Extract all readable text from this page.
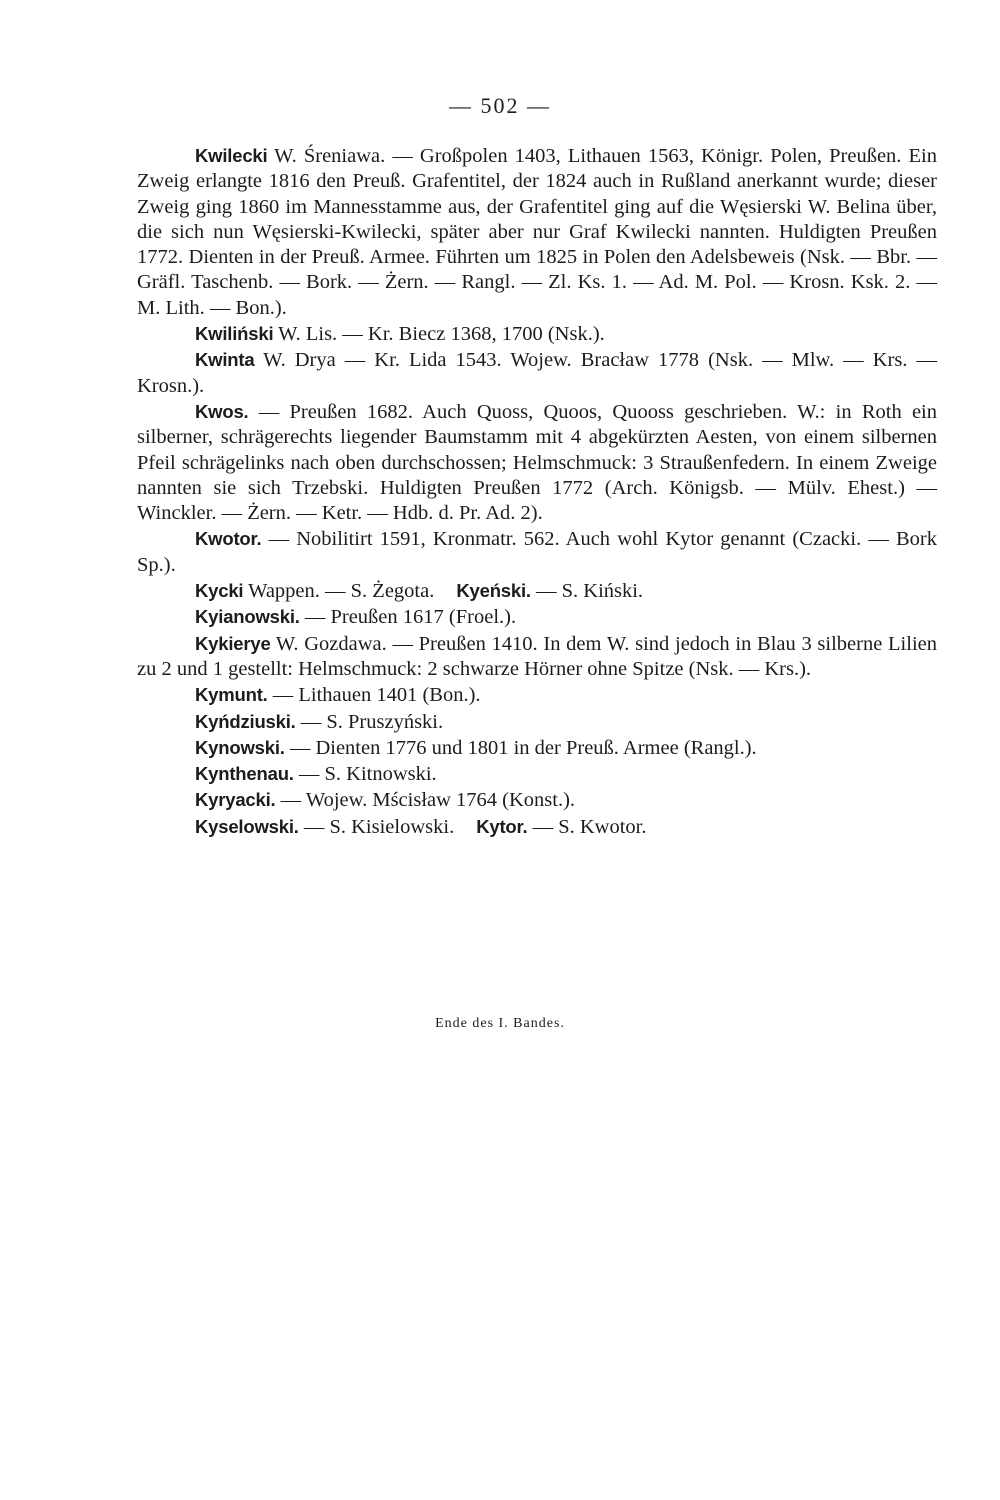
— 502 —

Kwilecki W. Śreniawa. — Großpolen 1403, Lithauen 1563, Königr. Polen, Preußen. Ein Zweig erlangte 1816 den Preuß. Grafentitel, der 1824 auch in Rußland anerkannt wurde; dieser Zweig ging 1860 im Mannesstamme aus, der Grafentitel ging auf die Węsierski W. Belina über, die sich nun Węsierski-Kwilecki, später aber nur Graf Kwilecki nannten. Huldigten Preußen 1772. Dienten in der Preuß. Armee. Führten um 1825 in Polen den Adelsbeweis (Nsk. — Bbr. — Gräfl. Taschenb. — Bork. — Żern. — Rangl. — Zl. Ks. 1. — Ad. M. Pol. — Krosn. Ksk. 2. — M. Lith. — Bon.).

Kwiliński W. Lis. — Kr. Biecz 1368, 1700 (Nsk.).

Kwinta W. Drya — Kr. Lida 1543. Wojew. Bracław 1778 (Nsk. — Mlw. — Krs. — Krosn.).

Kwos. — Preußen 1682. Auch Quoss, Quoos, Quooss geschrieben. W.: in Roth ein silberner, schrägerechts liegender Baumstamm mit 4 abgekürzten Aesten, von einem silbernen Pfeil schrägelinks nach oben durchschossen; Helmschmuck: 3 Straußenfedern. In einem Zweige nannten sie sich Trzebski. Huldigten Preußen 1772 (Arch. Königsb. — Mülv. Ehest.) — Winckler. — Żern. — Ketr. — Hdb. d. Pr. Ad. 2).

Kwotor. — Nobilitirt 1591, Kronmatr. 562. Auch wohl Kytor genannt (Czacki. — Bork Sp.).

Kycki Wappen. — S. Żegota. Kyeński. — S. Kiński.

Kyianowski. — Preußen 1617 (Froel.).

Kykierye W. Gozdawa. — Preußen 1410. In dem W. sind jedoch in Blau 3 silberne Lilien zu 2 und 1 gestellt: Helmschmuck: 2 schwarze Hörner ohne Spitze (Nsk. — Krs.).

Kymunt. — Lithauen 1401 (Bon.).

Kyńdziuski. — S. Pruszyński.

Kynowski. — Dienten 1776 und 1801 in der Preuß. Armee (Rangl.).

Kynthenau. — S. Kitnowski.

Kyryacki. — Wojew. Mścisław 1764 (Konst.).

Kyselowski. — S. Kisielowski. Kytor. — S. Kwotor.

Ende des I. Bandes.
